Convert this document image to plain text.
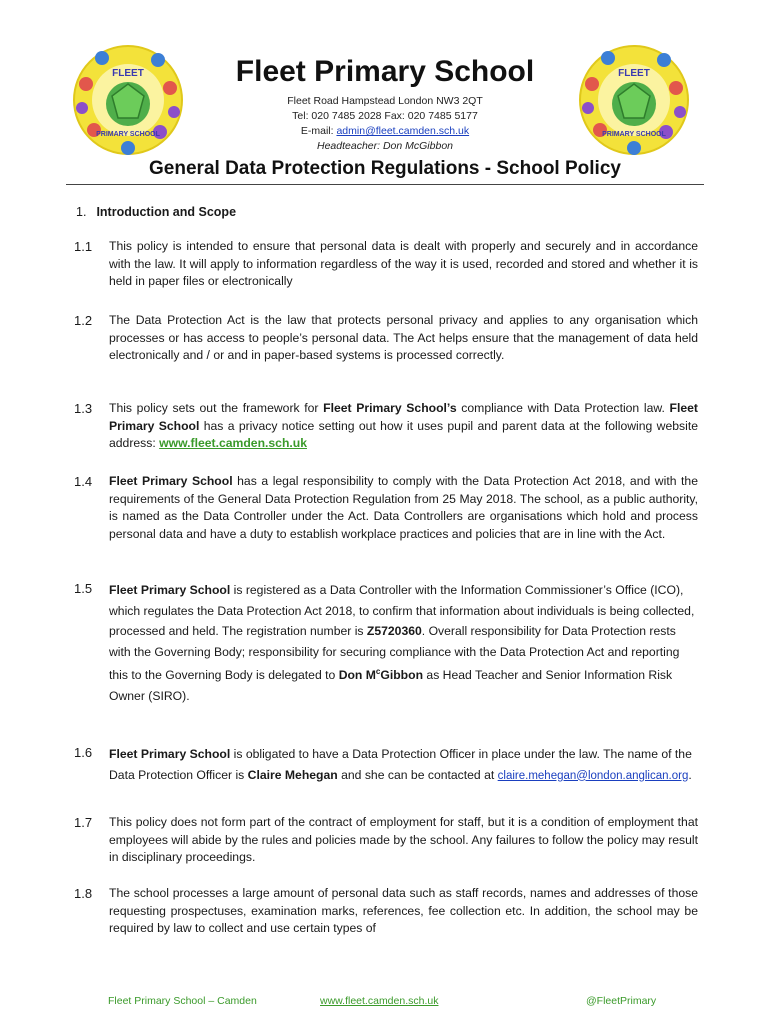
FLEET
PRIMARY SCHOOL
FLEET
PRIMARY SCHOOL
Fleet Primary School
Fleet Road Hampstead London NW3 2QT
Tel: 020 7485 2028 Fax: 020 7485 5177
E-mail: admin@fleet.camden.sch.uk
Headteacher: Don McGibbon
General Data Protection Regulations - School Policy
1. Introduction and Scope
1.1	This policy is intended to ensure that personal data is dealt with properly and securely and in accordance with the law. It will apply to information regardless of the way it is used, recorded and stored and whether it is held in paper files or electronically
1.2	The Data Protection Act is the law that protects personal privacy and applies to any organisation which processes or has access to people’s personal data. The Act helps ensure that the management of data held electronically and / or and in paper-based systems is processed correctly.
1.3	This policy sets out the framework for Fleet Primary School’s compliance with Data Protection law. Fleet Primary School has a privacy notice setting out how it uses pupil and parent data at the following website address: www.fleet.camden.sch.uk
1.4	Fleet Primary School has a legal responsibility to comply with the Data Protection Act 2018, and with the requirements of the General Data Protection Regulation from 25 May 2018. The school, as a public authority, is named as the Data Controller under the Act. Data Controllers are organisations which hold and process personal data and have a duty to establish workplace practices and policies that are in line with the Act.
1.5	Fleet Primary School is registered as a Data Controller with the Information Commissioner’s Office (ICO), which regulates the Data Protection Act 2018, to confirm that information about individuals is being collected, processed and held. The registration number is Z5720360. Overall responsibility for Data Protection rests with the Governing Body; responsibility for securing compliance with the Data Protection Act and reporting this to the Governing Body is delegated to Don $M^cGibbon$ as Head Teacher and Senior Information Risk Owner (SIRO).
1.6	Fleet Primary School is obligated to have a Data Protection Officer in place under the law. The name of the Data Protection Officer is Claire Mehegan and she can be contacted at claire.mehegan@london.anglican.org.
1.7	This policy does not form part of the contract of employment for staff, but it is a condition of employment that employees will abide by the rules and policies made by the school. Any failures to follow the policy may result in disciplinary proceedings.
1.8	The school processes a large amount of personal data such as staff records, names and addresses of those requesting prospectuses, examination marks, references, fee collection etc. In addition, the school may be required by law to collect and use certain types of
Fleet Primary School – Camden	www.fleet.camden.sch.uk	@FleetPrimary
